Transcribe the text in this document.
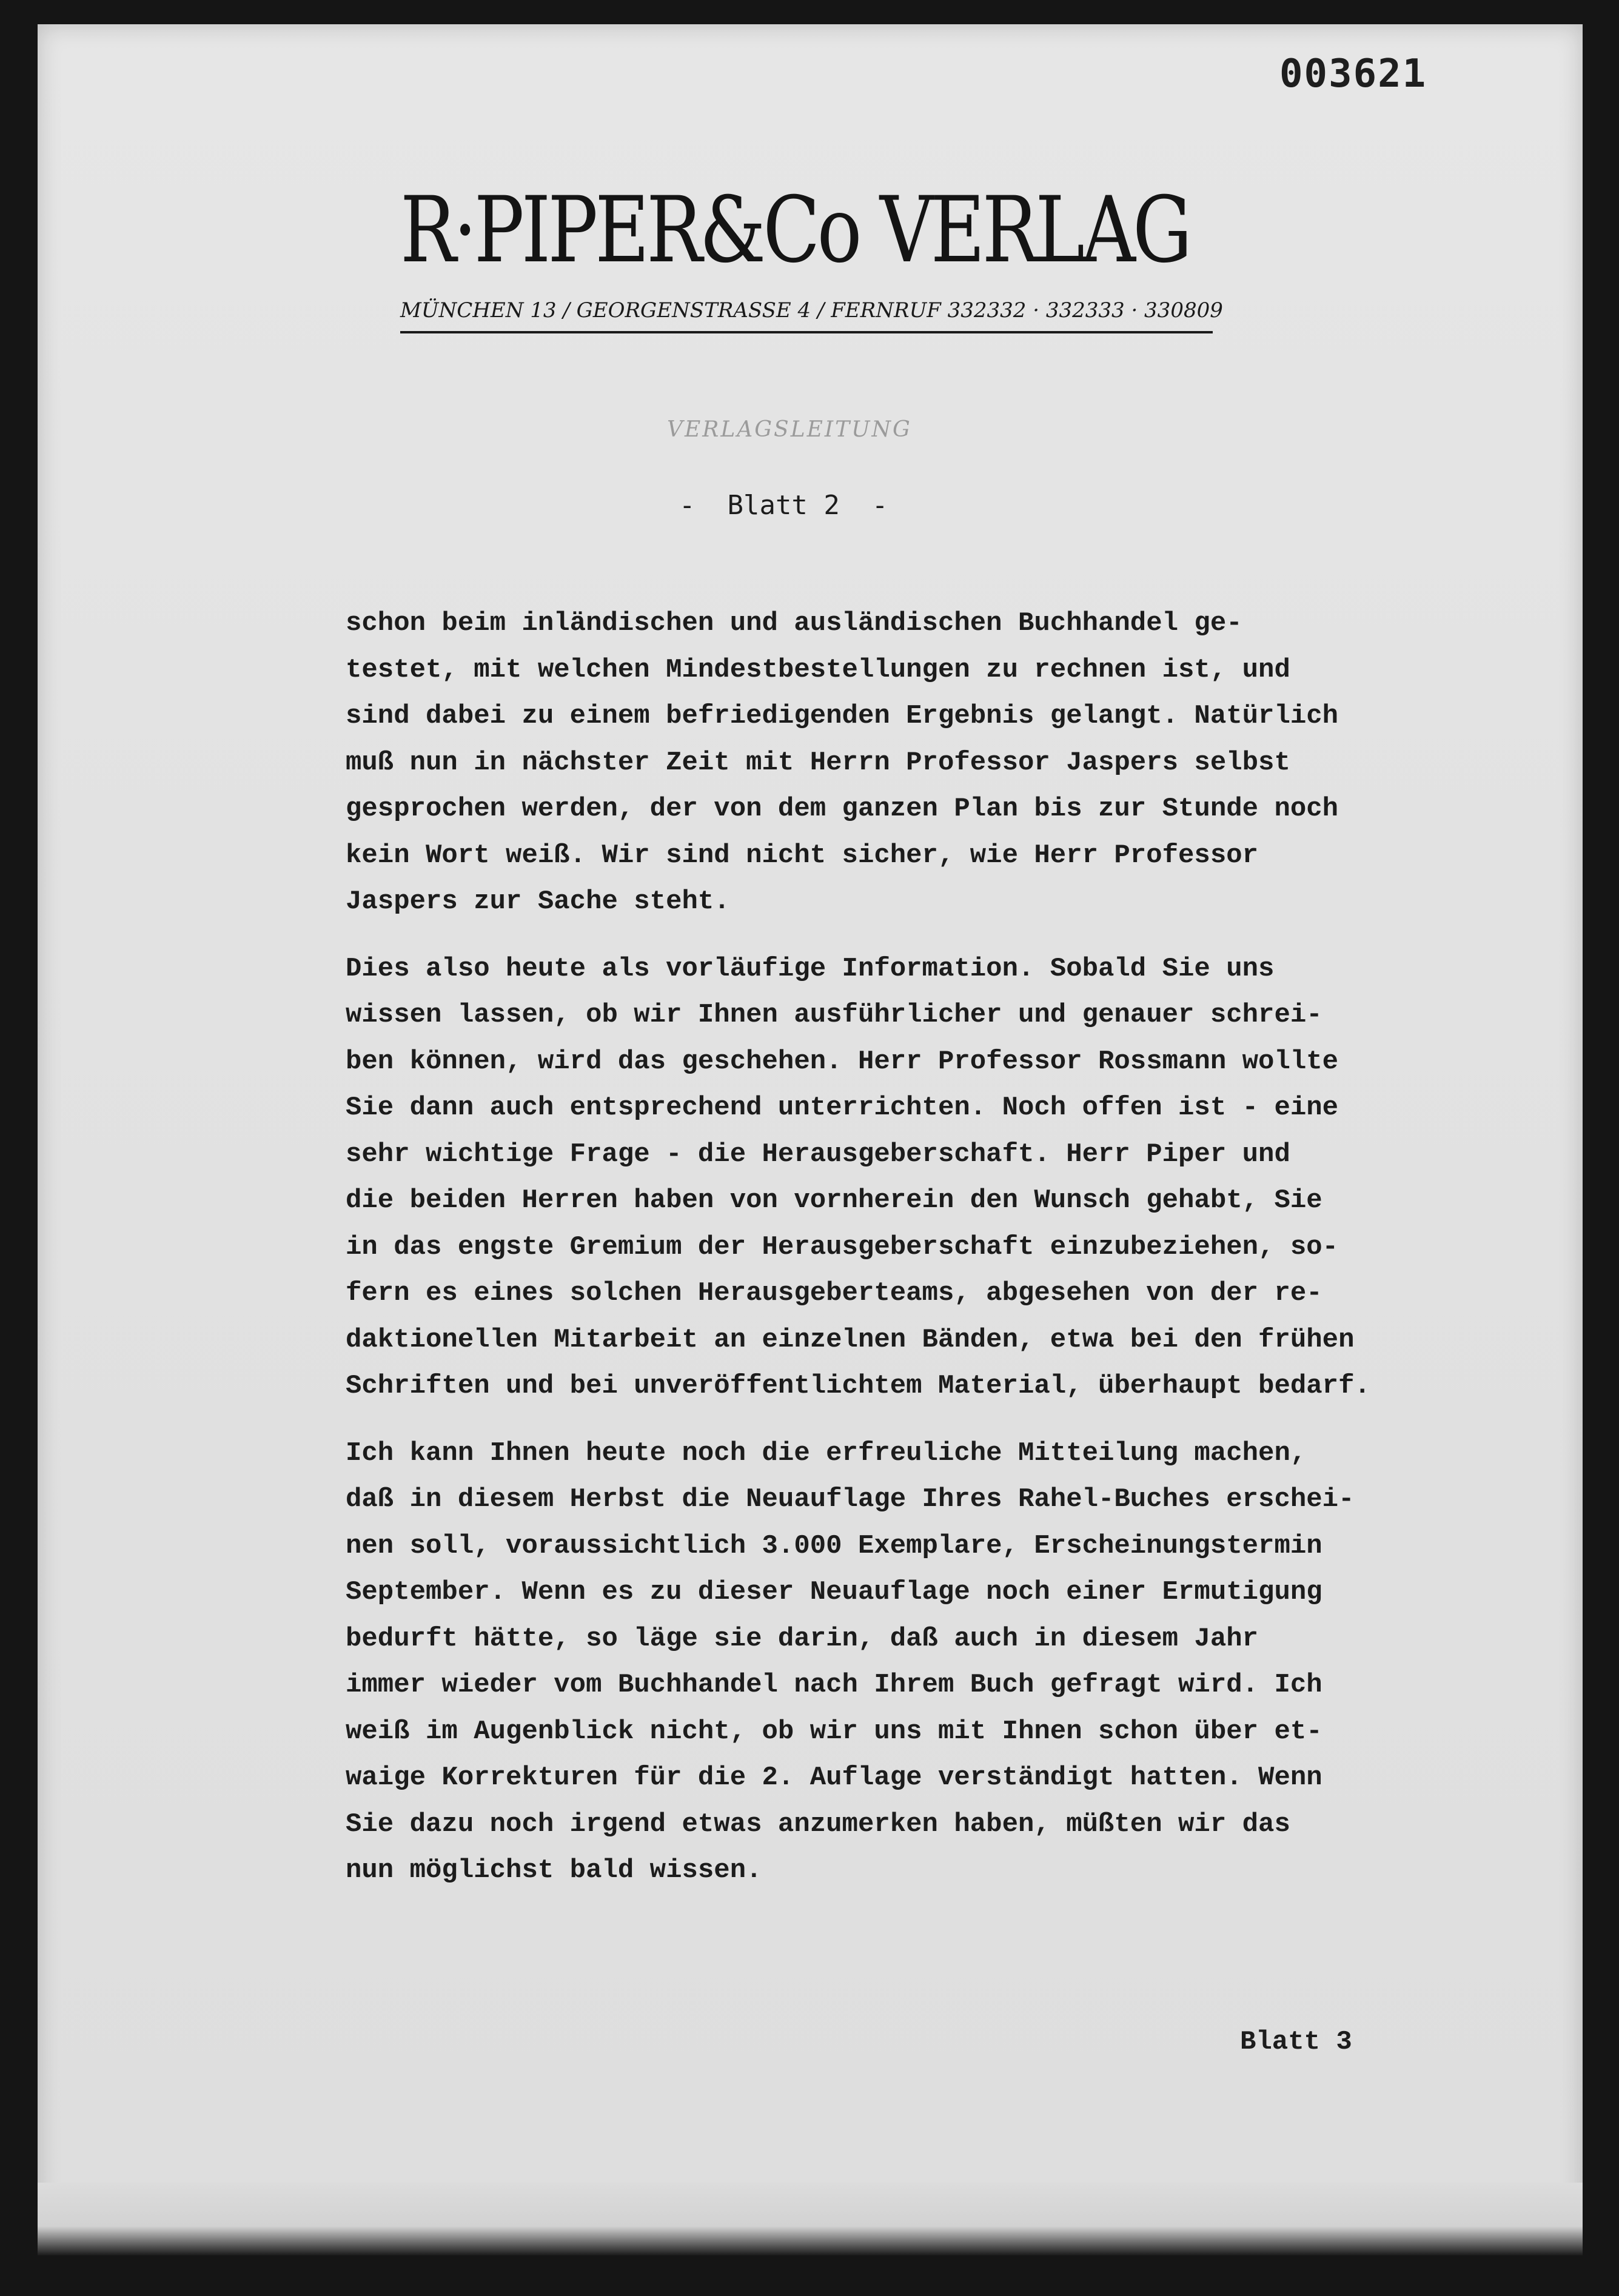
003621
R·PIPER&Co VERLAG
MÜNCHEN 13 / GEORGENSTRASSE 4 / FERNRUF 332332 · 332333 · 330809
VERLAGSLEITUNG
-  Blatt 2  -
schon beim inländischen und ausländischen Buchhandel ge-
testet, mit welchen Mindestbestellungen zu rechnen ist, und
sind dabei zu einem befriedigenden Ergebnis gelangt. Natürlich
muß nun in nächster Zeit mit Herrn Professor Jaspers selbst
gesprochen werden, der von dem ganzen Plan bis zur Stunde noch
kein Wort weiß. Wir sind nicht sicher, wie Herr Professor
Jaspers zur Sache steht.
Dies also heute als vorläufige Information. Sobald Sie uns
wissen lassen, ob wir Ihnen ausführlicher und genauer schrei-
ben können, wird das geschehen. Herr Professor Rossmann wollte
Sie dann auch entsprechend unterrichten. Noch offen ist - eine
sehr wichtige Frage - die Herausgeberschaft. Herr Piper und
die beiden Herren haben von vornherein den Wunsch gehabt, Sie
in das engste Gremium der Herausgeberschaft einzubeziehen, so-
fern es eines solchen Herausgeberteams, abgesehen von der re-
daktionellen Mitarbeit an einzelnen Bänden, etwa bei den frühen
Schriften und bei unveröffentlichtem Material, überhaupt bedarf.
Ich kann Ihnen heute noch die erfreuliche Mitteilung machen,
daß in diesem Herbst die Neuauflage Ihres Rahel-Buches erschei-
nen soll, voraussichtlich 3.000 Exemplare, Erscheinungstermin
September. Wenn es zu dieser Neuauflage noch einer Ermutigung
bedurft hätte, so läge sie darin, daß auch in diesem Jahr
immer wieder vom Buchhandel nach Ihrem Buch gefragt wird. Ich
weiß im Augenblick nicht, ob wir uns mit Ihnen schon über et-
waige Korrekturen für die 2. Auflage verständigt hatten. Wenn
Sie dazu noch irgend etwas anzumerken haben, müßten wir das
nun möglichst bald wissen.
Blatt 3
